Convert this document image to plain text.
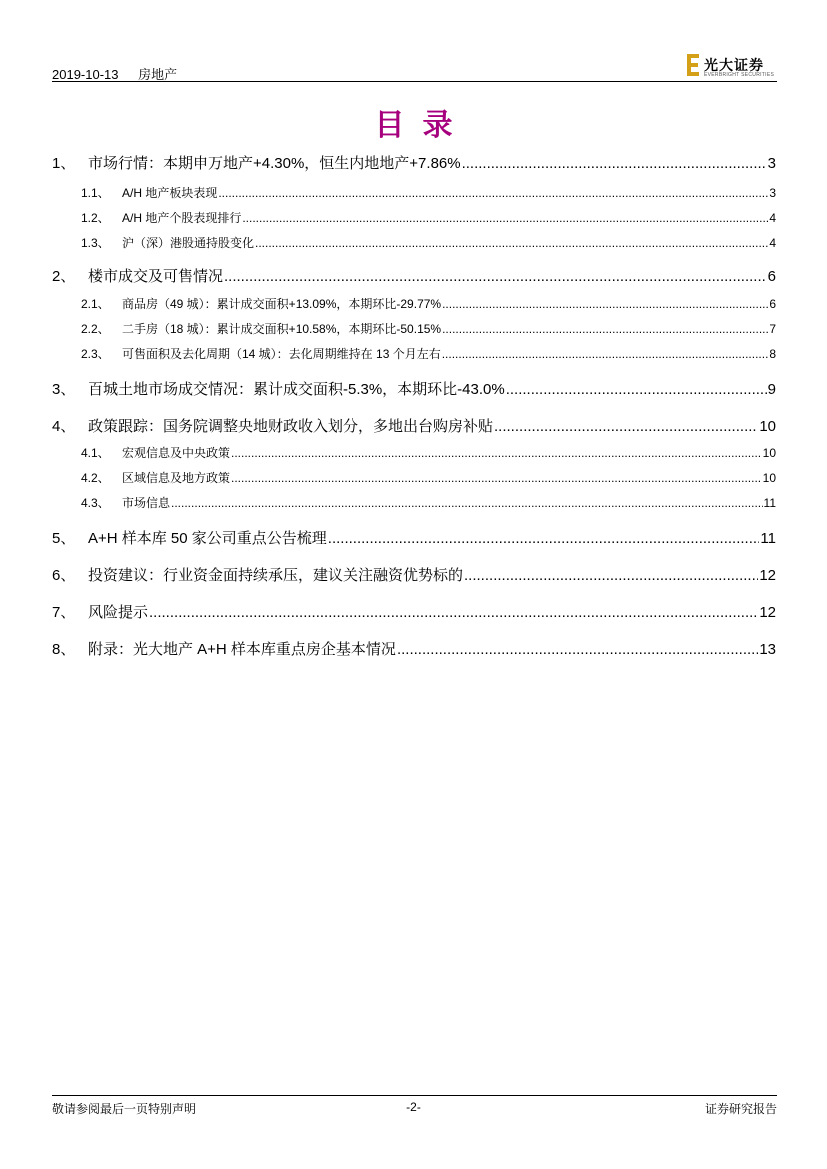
2019-10-13 房地产
光大证券
EVERBRIGHT SECURITIES
目录
1、 市场行情：本期申万地产+4.30%，恒生内地地产+7.86% .....	3
1.1、	A/H 地产板块表现 .....	3
1.2、	A/H 地产个股表现排行 .....	4
1.3、	沪（深）港股通持股变化 .....	4
2、 楼市成交及可售情况 .....	6
2.1、	商品房（49 城）：累计成交面积+13.09%，本期环比-29.77% .....	6
2.2、	二手房（18 城）：累计成交面积+10.58%，本期环比-50.15% .....	7
2.3、	可售面积及去化周期（14 城）：去化周期维持在 13 个月左右 .....	8
3、 百城土地市场成交情况：累计成交面积-5.3%，本期环比-43.0% .....	9
4、 政策跟踪：国务院调整央地财政收入划分，多地出台购房补贴 .....	10
4.1、	宏观信息及中央政策 .....	10
4.2、	区域信息及地方政策 .....	10
4.3、	市场信息 .....	11
5、 A+H 样本库 50 家公司重点公告梳理 .....	11
6、 投资建议：行业资金面持续承压，建议关注融资优势标的 .....	12
7、 风险提示 .....	12
8、 附录：光大地产 A+H 样本库重点房企基本情况 .....	13
敬请参阅最后一页特别声明	-2-	证券研究报告
